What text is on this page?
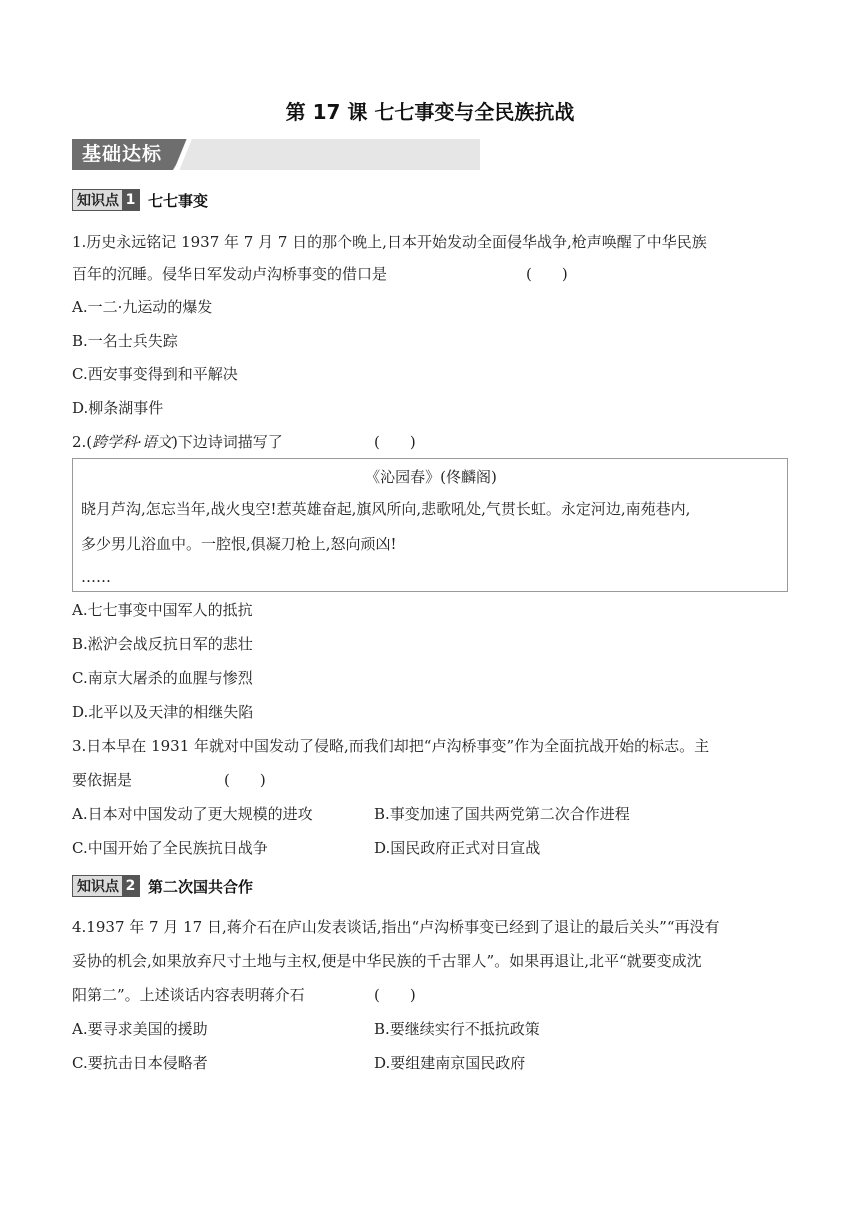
第 17 课 七七事变与全民族抗战
基础达标
知识点 1 七七事变
1.历史永远铭记 1937 年 7 月 7 日的那个晚上,日本开始发动全面侵华战争,枪声唤醒了中华民族
百年的沉睡。侵华日军发动卢沟桥事变的借口是	(　　)
A.一二·九运动的爆发
B.一名士兵失踪
C.西安事变得到和平解决
D.柳条湖事件
2.(跨学科·语文)下边诗词描写了	(　　)
《沁园春》(佟麟阁)
晓月芦沟,怎忘当年,战火曳空!惹英雄奋起,旗风所向,悲歌吼处,气贯长虹。永定河边,南苑巷内,
多少男儿浴血中。一腔恨,俱凝刀枪上,怒向顽凶!
……
A.七七事变中国军人的抵抗
B.淞沪会战反抗日军的悲壮
C.南京大屠杀的血腥与惨烈
D.北平以及天津的相继失陷
3.日本早在 1931 年就对中国发动了侵略,而我们却把“卢沟桥事变”作为全面抗战开始的标志。主
要依据是	(　　)
A.日本对中国发动了更大规模的进攻	B.事变加速了国共两党第二次合作进程
C.中国开始了全民族抗日战争	D.国民政府正式对日宣战
知识点 2 第二次国共合作
4.1937 年 7 月 17 日,蒋介石在庐山发表谈话,指出“卢沟桥事变已经到了退让的最后关头”“再没有
妥协的机会,如果放弃尺寸土地与主权,便是中华民族的千古罪人”。如果再退让,北平“就要变成沈
阳第二”。上述谈话内容表明蒋介石	(　　)
A.要寻求美国的援助	B.要继续实行不抵抗政策
C.要抗击日本侵略者	D.要组建南京国民政府
